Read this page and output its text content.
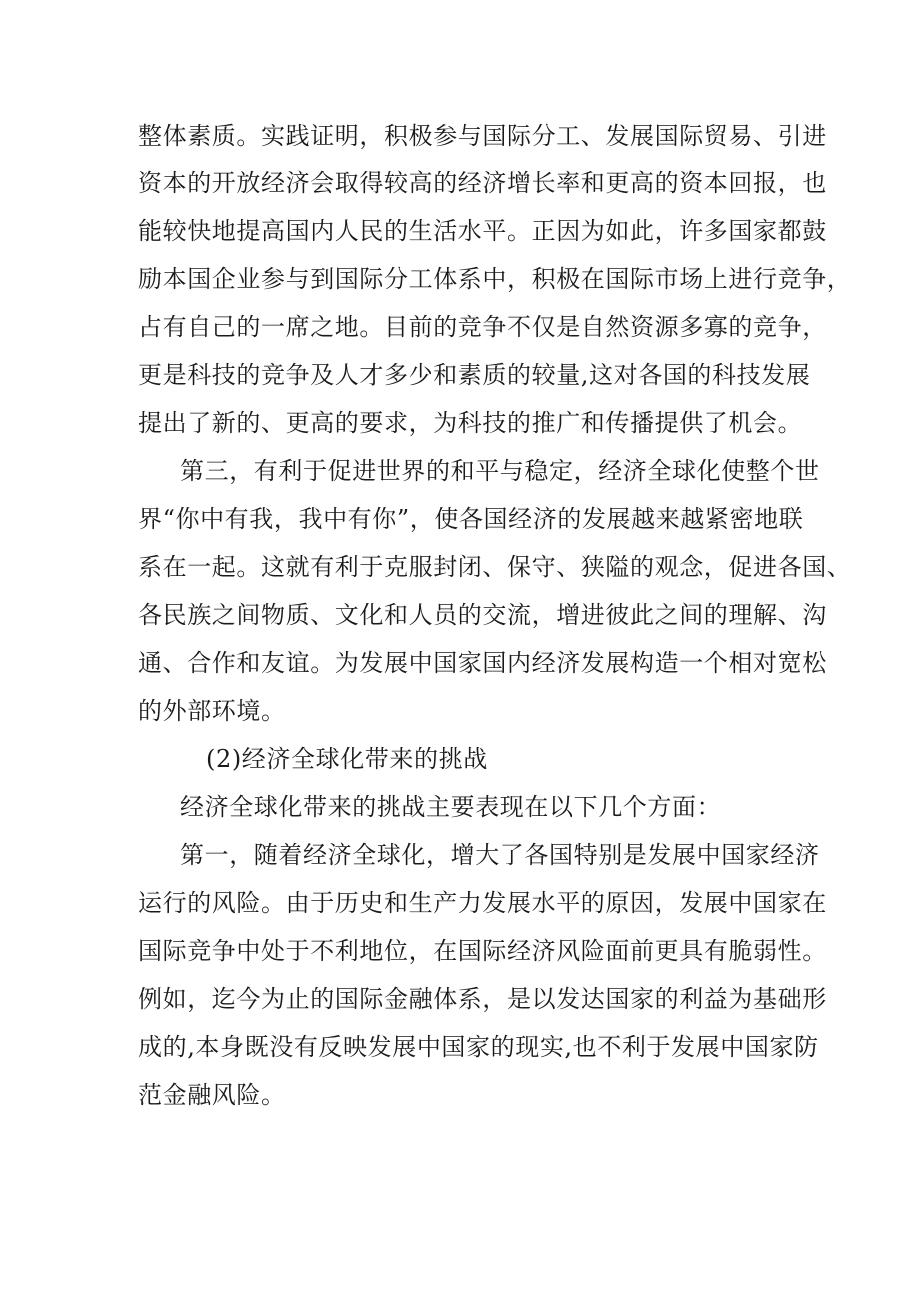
整体素质。实践证明，积极参与国际分工、发展国际贸易、引进
资本的开放经济会取得较高的经济增长率和更高的资本回报，也
能较快地提高国内人民的生活水平。正因为如此，许多国家都鼓
励本国企业参与到国际分工体系中，积极在国际市场上进行竞争，
占有自己的一席之地。目前的竞争不仅是自然资源多寡的竞争，
更是科技的竞争及人才多少和素质的较量,这对各国的科技发展
提出了新的、更高的要求，为科技的推广和传播提供了机会。
第三，有利于促进世界的和平与稳定，经济全球化使整个世
界“你中有我，我中有你”，使各国经济的发展越来越紧密地联
系在一起。这就有利于克服封闭、保守、狭隘的观念，促进各国、
各民族之间物质、文化和人员的交流，增进彼此之间的理解、沟
通、合作和友谊。为发展中国家国内经济发展构造一个相对宽松
的外部环境。
(2)经济全球化带来的挑战
经济全球化带来的挑战主要表现在以下几个方面：
第一，随着经济全球化，增大了各国特别是发展中国家经济
运行的风险。由于历史和生产力发展水平的原因，发展中国家在
国际竞争中处于不利地位，在国际经济风险面前更具有脆弱性。
例如，迄今为止的国际金融体系，是以发达国家的利益为基础形
成的,本身既没有反映发展中国家的现实,也不利于发展中国家防
范金融风险。
